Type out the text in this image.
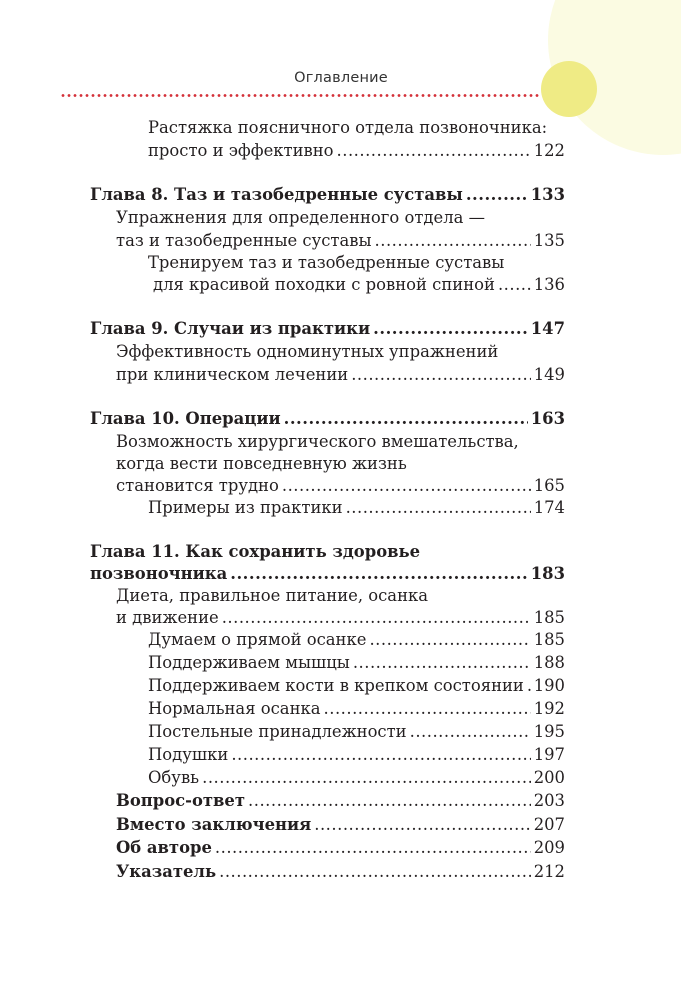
Оглавление
Растяжка поясничного отдела позвоночника:
просто и эффективно .....	122
Глава 8. Таз и тазобедренные суставы .....	133
Упражнения для определенного отдела —
таз и тазобедренные суставы .....	135
Тренируем таз и тазобедренные суставы
для красивой походки с ровной спиной ..... 136
Глава 9. Случаи из практики .....	147
Эффективность одноминутных упражнений
при клиническом лечении .....	149
Глава 10. Операции .....	163
Возможность хирургического вмешательства,
когда вести повседневную жизнь
становится трудно .....	165
Примеры из практики .....	174
Глава 11. Как сохранить здоровье
позвоночника .....	183
Диета, правильное питание, осанка
и движение .....	185
Думаем о прямой осанке .....	185
Поддерживаем мышцы .....	188
Поддерживаем кости в крепком состоянии ..... 190
Нормальная осанка .....	192
Постельные принадлежности .....	195
Подушки .....	197
Обувь .....	200
Вопрос-ответ .....	203
Вместо заключения .....	207
Об авторе .....	209
Указатель .....	212
